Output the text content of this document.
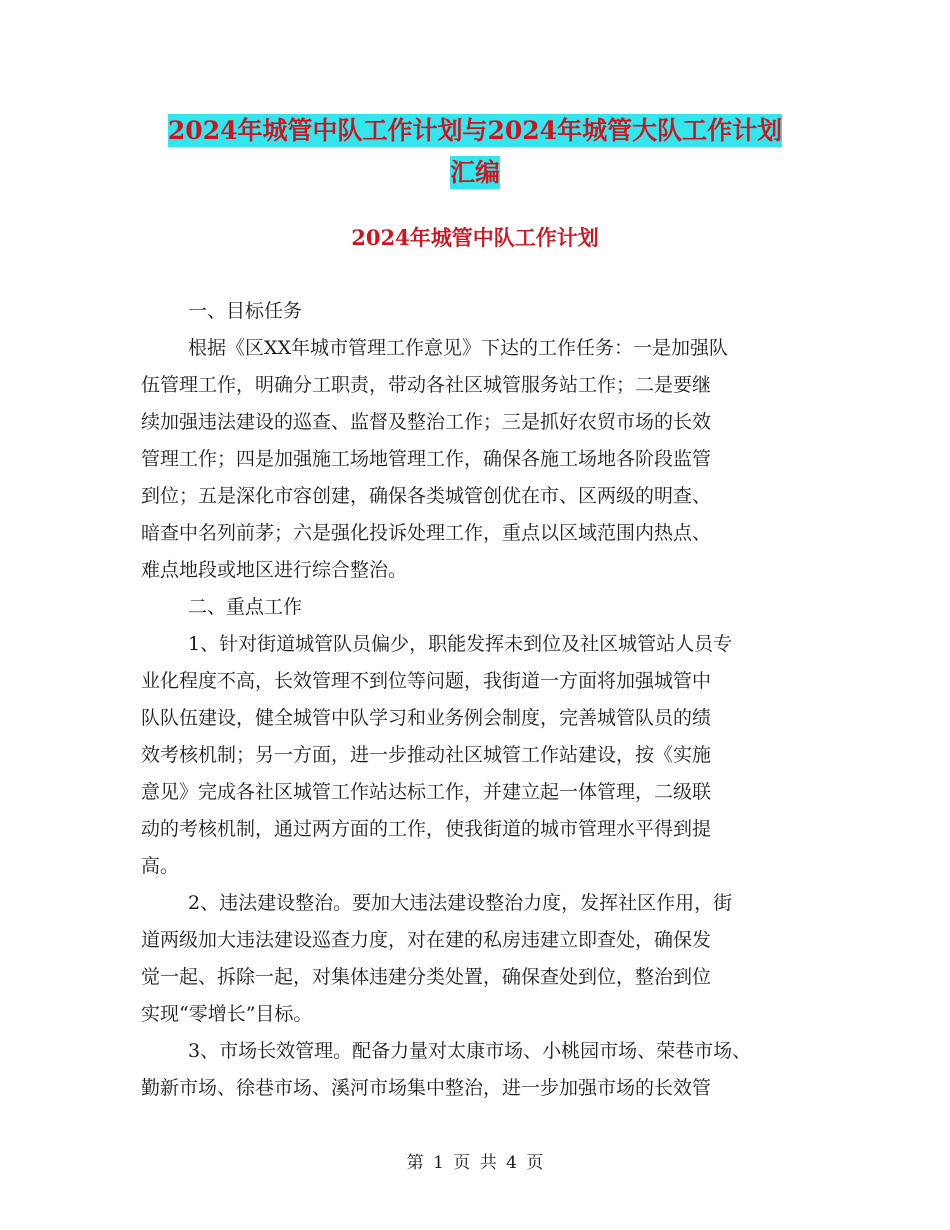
2024年城管中队工作计划与2024年城管大队工作计划
汇编
2024年城管中队工作计划
一、目标任务
根据《区XX年城市管理工作意见》下达的工作任务：一是加强队
伍管理工作，明确分工职责，带动各社区城管服务站工作；二是要继
续加强违法建设的巡查、监督及整治工作；三是抓好农贸市场的长效
管理工作；四是加强施工场地管理工作，确保各施工场地各阶段监管
到位；五是深化市容创建，确保各类城管创优在市、区两级的明查、
暗查中名列前茅；六是强化投诉处理工作，重点以区域范围内热点、
难点地段或地区进行综合整治。
二、重点工作
1、针对街道城管队员偏少，职能发挥未到位及社区城管站人员专
业化程度不高，长效管理不到位等问题，我街道一方面将加强城管中
队队伍建设，健全城管中队学习和业务例会制度，完善城管队员的绩
效考核机制；另一方面，进一步推动社区城管工作站建设，按《实施
意见》完成各社区城管工作站达标工作，并建立起一体管理，二级联
动的考核机制，通过两方面的工作，使我街道的城市管理水平得到提
高。
2、违法建设整治。要加大违法建设整治力度，发挥社区作用，街
道两级加大违法建设巡查力度，对在建的私房违建立即查处，确保发
觉一起、拆除一起，对集体违建分类处置，确保查处到位，整治到位
实现“零增长”目标。
3、市场长效管理。配备力量对太康市场、小桃园市场、荣巷市场、
勤新市场、徐巷市场、溪河市场集中整治，进一步加强市场的长效管
第 1 页 共 4 页
